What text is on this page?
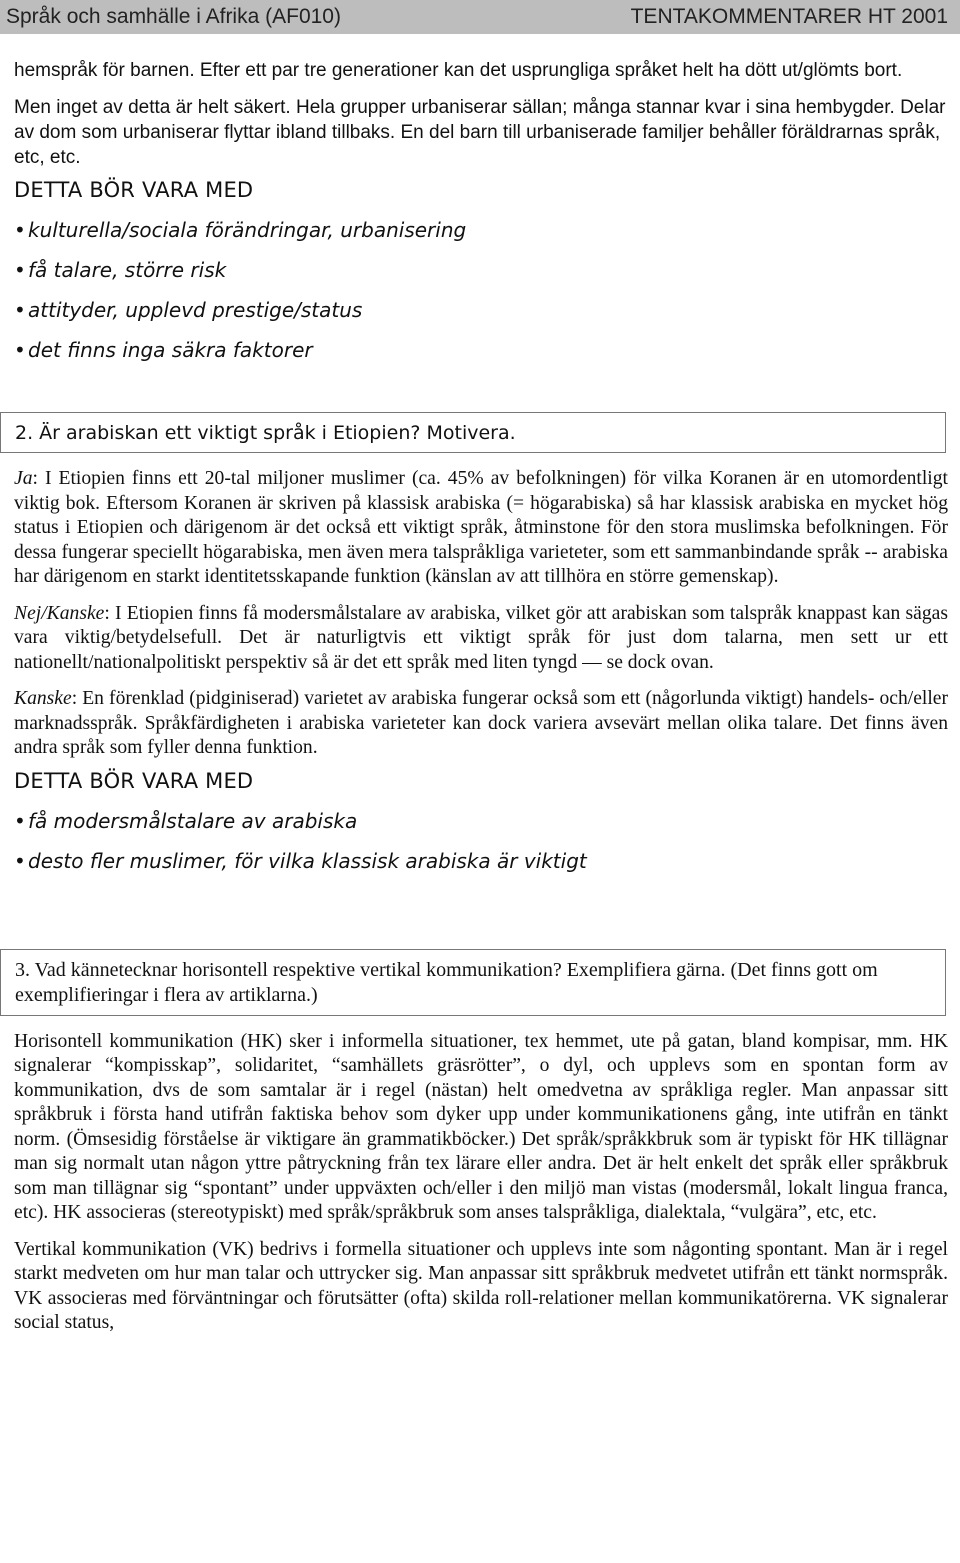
Språk och samhälle i Afrika (AF010)	TENTAKOMMENTARER HT 2001

hemspråk för barnen. Efter ett par tre generationer kan det usprungliga språket helt ha dött ut/glömts bort.

Men inget av detta är helt säkert. Hela grupper urbaniserar sällan; många stannar kvar i sina hembygder. Delar av dom som urbaniserar flyttar ibland tillbaks. En del barn till urbaniserade familjer behåller föräldrarnas språk, etc, etc.

DETTA BÖR VARA MED
• kulturella/sociala förändringar, urbanisering
• få talare, större risk
• attityder, upplevd prestige/status
• det finns inga säkra faktorer
2. Är arabiskan ett viktigt språk i Etiopien? Motivera.

Ja: I Etiopien finns ett 20-tal miljoner muslimer (ca. 45% av befolkningen) för vilka Koranen är en utomordentligt viktig bok. Eftersom Koranen är skriven på klassisk arabiska (= högarabiska) så har klassisk arabiska en mycket hög status i Etiopien och därigenom är det också ett viktigt språk, åtminstone för den stora muslimska befolkningen. För dessa fungerar speciellt högarabiska, men även mera talspråkliga varieteter, som ett sammanbindande språk -- arabiska har därigenom en starkt identitetsskapande funktion (känslan av att tillhöra en större gemenskap).

Nej/Kanske: I Etiopien finns få modersmålstalare av arabiska, vilket gör att arabiskan som talspråk knappast kan sägas vara viktig/betydelsefull. Det är naturligtvis ett viktigt språk för just dom talarna, men sett ur ett nationellt/nationalpolitiskt perspektiv så är det ett språk med liten tyngd — se dock ovan.

Kanske: En förenklad (pidginiserad) varietet av arabiska fungerar också som ett (någorlunda viktigt) handels- och/eller marknadsspråk. Språkfärdigheten i arabiska varieteter kan dock variera avsevärt mellan olika talare. Det finns även andra språk som fyller denna funktion.

DETTA BÖR VARA MED
• få modersmålstalare av arabiska
• desto fler muslimer, för vilka klassisk arabiska är viktigt
3. Vad kännetecknar horisontell respektive vertikal kommunikation? Exemplifiera gärna. (Det finns gott om exemplifieringar i flera av artiklarna.)

Horisontell kommunikation (HK) sker i informella situationer, tex hemmet, ute på gatan, bland kompisar, mm. HK signalerar “kompisskap”, solidaritet, “samhällets gräsrötter”, o dyl, och upplevs som en spontan form av kommunikation, dvs de som samtalar är i regel (nästan) helt omedvetna av språkliga regler. Man anpassar sitt språkbruk i första hand utifrån faktiska behov som dyker upp under kommunikationens gång, inte utifrån en tänkt norm. (Ömsesidig förståelse är viktigare än grammatikböcker.) Det språk/språkkbruk som är typiskt för HK tillägnar man sig normalt utan någon yttre påtryckning från tex lärare eller andra. Det är helt enkelt det språk eller språkbruk som man tillägnar sig “spontant” under uppväxten och/eller i den miljö man vistas (modersmål, lokalt lingua franca, etc). HK associeras (stereotypiskt) med språk/språkbruk som anses talspråkliga, dialektala, “vulgära”, etc, etc.

Vertikal kommunikation (VK) bedrivs i formella situationer och upplevs inte som någonting spontant. Man är i regel starkt medveten om hur man talar och uttrycker sig. Man anpassar sitt språkbruk medvetet utifrån ett tänkt normspråk. VK associeras med förväntningar och förutsätter (ofta) skilda roll-relationer mellan kommunikatörerna. VK signalerar social status,
